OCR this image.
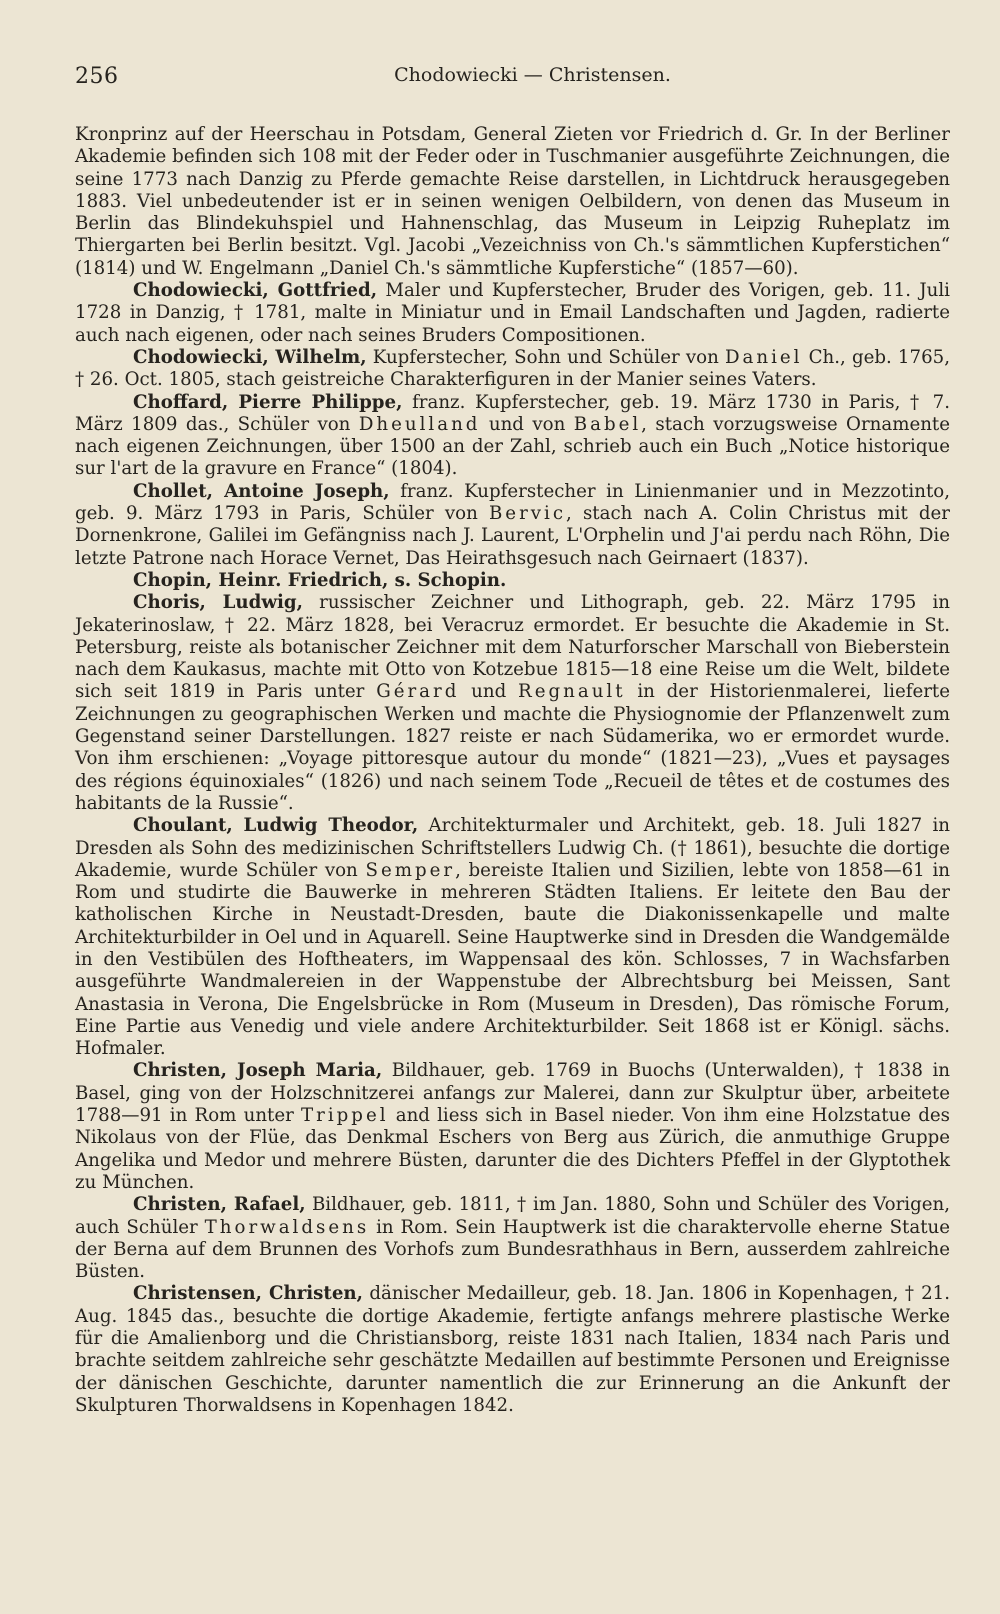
256	Chodowiecki — Christensen.

Kronprinz auf der Heerschau in Potsdam, General Zieten vor Friedrich d. Gr. In der Berliner Akademie befinden sich 108 mit der Feder oder in Tuschmanier ausgeführte Zeichnungen, die seine 1773 nach Danzig zu Pferde gemachte Reise darstellen, in Lichtdruck herausgegeben 1883. Viel unbedeutender ist er in seinen wenigen Oelbildern, von denen das Museum in Berlin das Blindekuhspiel und Hahnenschlag, das Museum in Leipzig Ruheplatz im Thiergarten bei Berlin besitzt. Vgl. Jacobi „Vezeichniss von Ch.'s sämmtlichen Kupferstichen“ (1814) und W. Engelmann „Daniel Ch.'s sämmtliche Kupferstiche“ (1857—60).

Chodowiecki, Gottfried, Maler und Kupferstecher, Bruder des Vorigen, geb. 11. Juli 1728 in Danzig, † 1781, malte in Miniatur und in Email Landschaften und Jagden, radierte auch nach eigenen, oder nach seines Bruders Compositionen.

Chodowiecki, Wilhelm, Kupferstecher, Sohn und Schüler von Daniel Ch., geb. 1765, † 26. Oct. 1805, stach geistreiche Charakterfiguren in der Manier seines Vaters.

Choffard, Pierre Philippe, franz. Kupferstecher, geb. 19. März 1730 in Paris, † 7. März 1809 das., Schüler von Dheulland und von Babel, stach vorzugsweise Ornamente nach eigenen Zeichnungen, über 1500 an der Zahl, schrieb auch ein Buch „Notice historique sur l'art de la gravure en France“ (1804).

Chollet, Antoine Joseph, franz. Kupferstecher in Linienmanier und in Mezzotinto, geb. 9. März 1793 in Paris, Schüler von Bervic, stach nach A. Colin Christus mit der Dornenkrone, Galilei im Gefängniss nach J. Laurent, L'Orphelin und J'ai perdu nach Röhn, Die letzte Patrone nach Horace Vernet, Das Heirathsgesuch nach Geirnaert (1837).

Chopin, Heinr. Friedrich, s. Schopin.

Choris, Ludwig, russischer Zeichner und Lithograph, geb. 22. März 1795 in Jekaterinoslaw, † 22. März 1828, bei Veracruz ermordet. Er besuchte die Akademie in St. Petersburg, reiste als botanischer Zeichner mit dem Naturforscher Marschall von Bieberstein nach dem Kaukasus, machte mit Otto von Kotzebue 1815—18 eine Reise um die Welt, bildete sich seit 1819 in Paris unter Gérard und Regnault in der Historienmalerei, lieferte Zeichnungen zu geographischen Werken und machte die Physiognomie der Pflanzenwelt zum Gegenstand seiner Darstellungen. 1827 reiste er nach Südamerika, wo er ermordet wurde. Von ihm erschienen: „Voyage pittoresque autour du monde“ (1821—23), „Vues et paysages des régions équinoxiales“ (1826) und nach seinem Tode „Recueil de têtes et de costumes des habitants de la Russie“.

Choulant, Ludwig Theodor, Architekturmaler und Architekt, geb. 18. Juli 1827 in Dresden als Sohn des medizinischen Schriftstellers Ludwig Ch. († 1861), besuchte die dortige Akademie, wurde Schüler von Semper, bereiste Italien und Sizilien, lebte von 1858—61 in Rom und studirte die Bauwerke in mehreren Städten Italiens. Er leitete den Bau der katholischen Kirche in Neustadt-Dresden, baute die Diakonissenkapelle und malte Architekturbilder in Oel und in Aquarell. Seine Hauptwerke sind in Dresden die Wandgemälde in den Vestibülen des Hoftheaters, im Wappensaal des kön. Schlosses, 7 in Wachsfarben ausgeführte Wandmalereien in der Wappenstube der Albrechtsburg bei Meissen, Sant Anastasia in Verona, Die Engelsbrücke in Rom (Museum in Dresden), Das römische Forum, Eine Partie aus Venedig und viele andere Architekturbilder. Seit 1868 ist er Königl. sächs. Hofmaler.

Christen, Joseph Maria, Bildhauer, geb. 1769 in Buochs (Unterwalden), † 1838 in Basel, ging von der Holzschnitzerei anfangs zur Malerei, dann zur Skulptur über, arbeitete 1788—91 in Rom unter Trippel and liess sich in Basel nieder. Von ihm eine Holzstatue des Nikolaus von der Flüe, das Denkmal Eschers von Berg aus Zürich, die anmuthige Gruppe Angelika und Medor und mehrere Büsten, darunter die des Dichters Pfeffel in der Glyptothek zu München.

Christen, Rafael, Bildhauer, geb. 1811, † im Jan. 1880, Sohn und Schüler des Vorigen, auch Schüler Thorwaldsens in Rom. Sein Hauptwerk ist die charaktervolle eherne Statue der Berna auf dem Brunnen des Vorhofs zum Bundesrathhaus in Bern, ausserdem zahlreiche Büsten.

Christensen, Christen, dänischer Medailleur, geb. 18. Jan. 1806 in Kopenhagen, † 21. Aug. 1845 das., besuchte die dortige Akademie, fertigte anfangs mehrere plastische Werke für die Amalienborg und die Christiansborg, reiste 1831 nach Italien, 1834 nach Paris und brachte seitdem zahlreiche sehr geschätzte Medaillen auf bestimmte Personen und Ereignisse der dänischen Geschichte, darunter namentlich die zur Erinnerung an die Ankunft der Skulpturen Thorwaldsens in Kopenhagen 1842.
